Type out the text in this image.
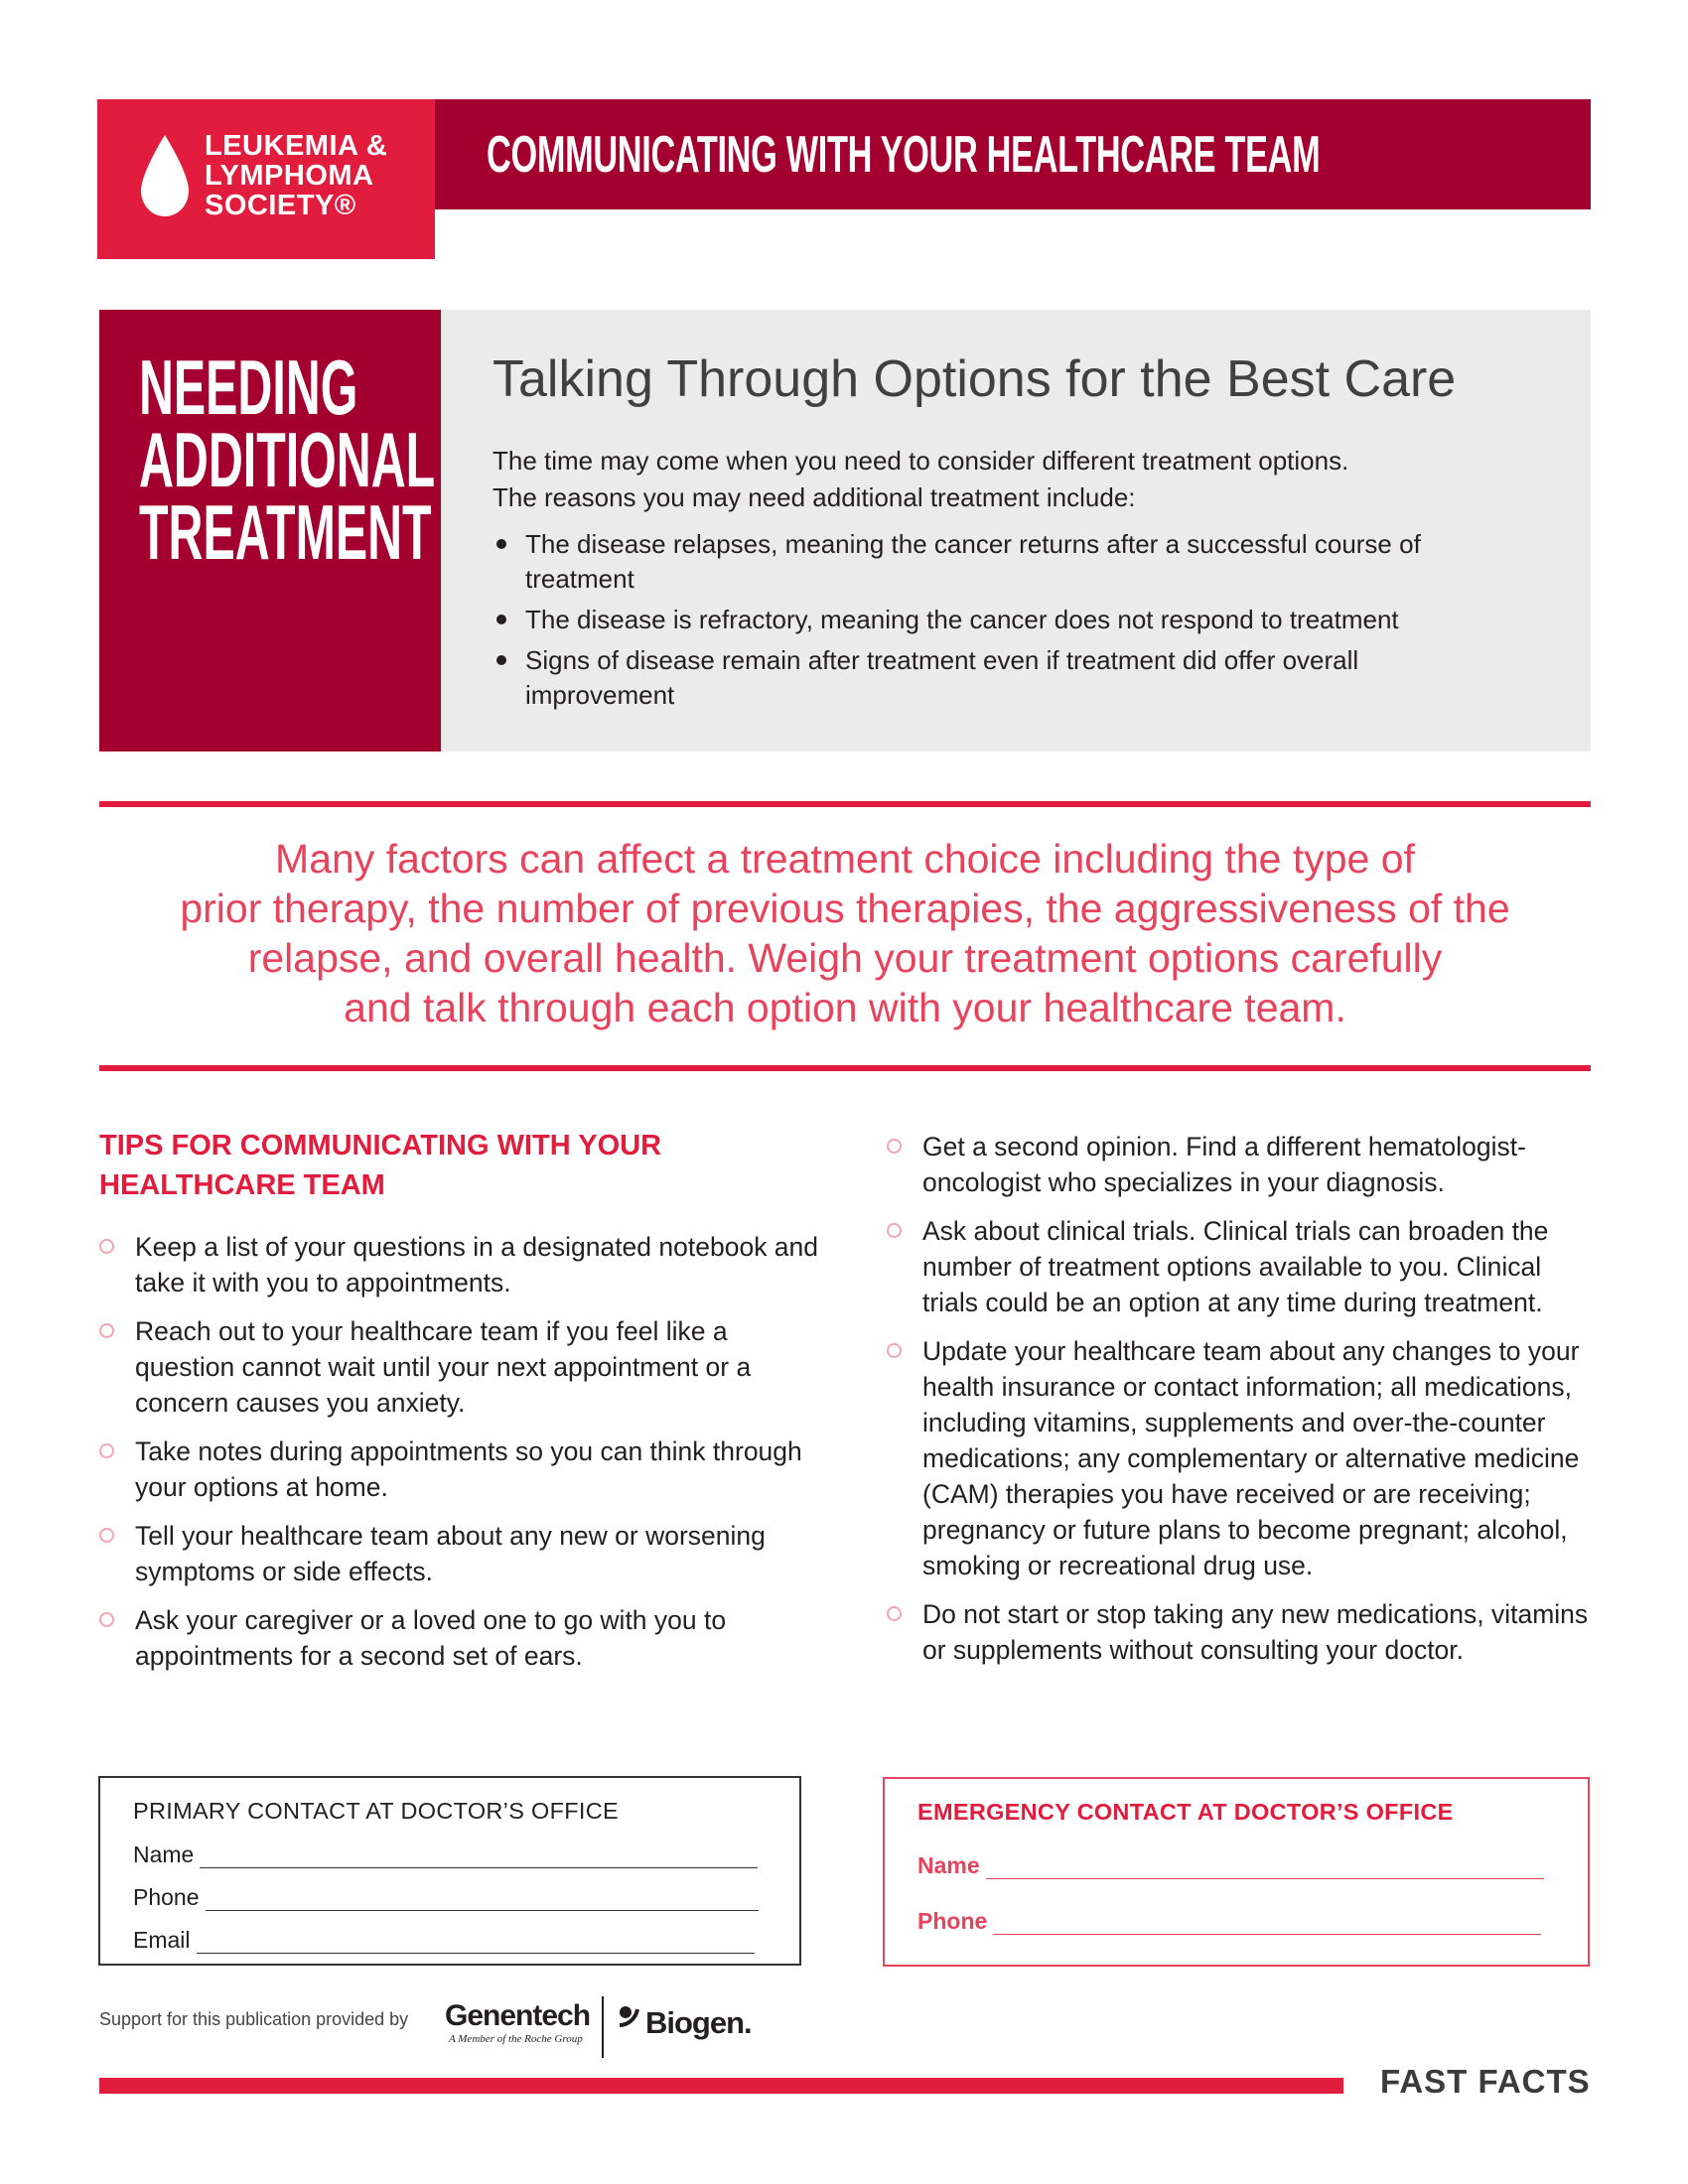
LEUKEMIA &
LYMPHOMA
SOCIETY®
COMMUNICATING WITH YOUR HEALTHCARE TEAM
NEEDING
ADDITIONAL
TREATMENT
Talking Through Options for the Best Care
The time may come when you need to consider different treatment options.
The reasons you may need additional treatment include:
The disease relapses, meaning the cancer returns after a successful course of treatment
The disease is refractory, meaning the cancer does not respond to treatment
Signs of disease remain after treatment even if treatment did offer overall improvement
Many factors can affect a treatment choice including the type of
prior therapy, the number of previous therapies, the aggressiveness of the
relapse, and overall health. Weigh your treatment options carefully
and talk through each option with your healthcare team.
TIPS FOR COMMUNICATING WITH YOUR
HEALTHCARE TEAM
Keep a list of your questions in a designated notebook and take it with you to appointments.
Reach out to your healthcare team if you feel like a question cannot wait until your next appointment or a concern causes you anxiety.
Take notes during appointments so you can think through your options at home.
Tell your healthcare team about any new or worsening symptoms or side effects.
Ask your caregiver or a loved one to go with you to appointments for a second set of ears.
Get a second opinion. Find a different hematologist-oncologist who specializes in your diagnosis.
Ask about clinical trials. Clinical trials can broaden the number of treatment options available to you. Clinical trials could be an option at any time during treatment.
Update your healthcare team about any changes to your health insurance or contact information; all medications, including vitamins, supplements and over-the-counter medications; any complementary or alternative medicine (CAM) therapies you have received or are receiving; pregnancy or future plans to become pregnant; alcohol, smoking or recreational drug use.
Do not start or stop taking any new medications, vitamins or supplements without consulting your doctor.
PRIMARY CONTACT AT DOCTOR’S OFFICE
Name
Phone
Email
EMERGENCY CONTACT AT DOCTOR’S OFFICE
Name
Phone
Support for this publication provided by Genentech
A Member of the Roche Group Biogen.
FAST FACTS
